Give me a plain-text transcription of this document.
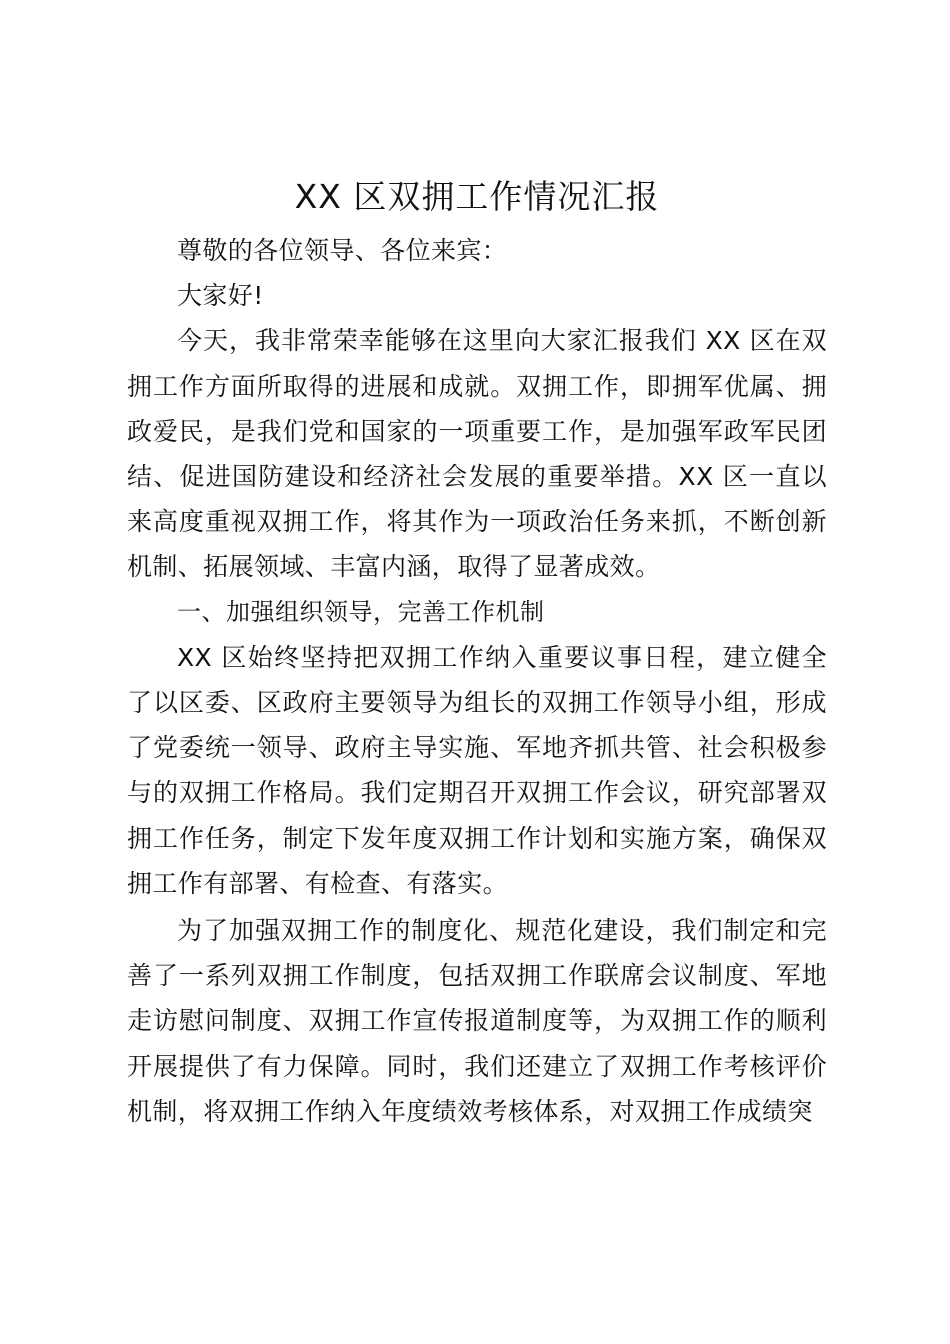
XX 区双拥工作情况汇报

尊敬的各位领导、各位来宾：

大家好!

今天，我非常荣幸能够在这里向大家汇报我们 XX 区在双拥工作方面所取得的进展和成就。双拥工作，即拥军优属、拥政爱民，是我们党和国家的一项重要工作，是加强军政军民团结、促进国防建设和经济社会发展的重要举措。XX 区一直以来高度重视双拥工作，将其作为一项政治任务来抓，不断创新机制、拓展领域、丰富内涵，取得了显著成效。

一、加强组织领导，完善工作机制

XX 区始终坚持把双拥工作纳入重要议事日程，建立健全了以区委、区政府主要领导为组长的双拥工作领导小组，形成了党委统一领导、政府主导实施、军地齐抓共管、社会积极参与的双拥工作格局。我们定期召开双拥工作会议，研究部署双拥工作任务，制定下发年度双拥工作计划和实施方案，确保双拥工作有部署、有检查、有落实。

为了加强双拥工作的制度化、规范化建设，我们制定和完善了一系列双拥工作制度，包括双拥工作联席会议制度、军地走访慰问制度、双拥工作宣传报道制度等，为双拥工作的顺利开展提供了有力保障。同时，我们还建立了双拥工作考核评价机制，将双拥工作纳入年度绩效考核体系，对双拥工作成绩突
